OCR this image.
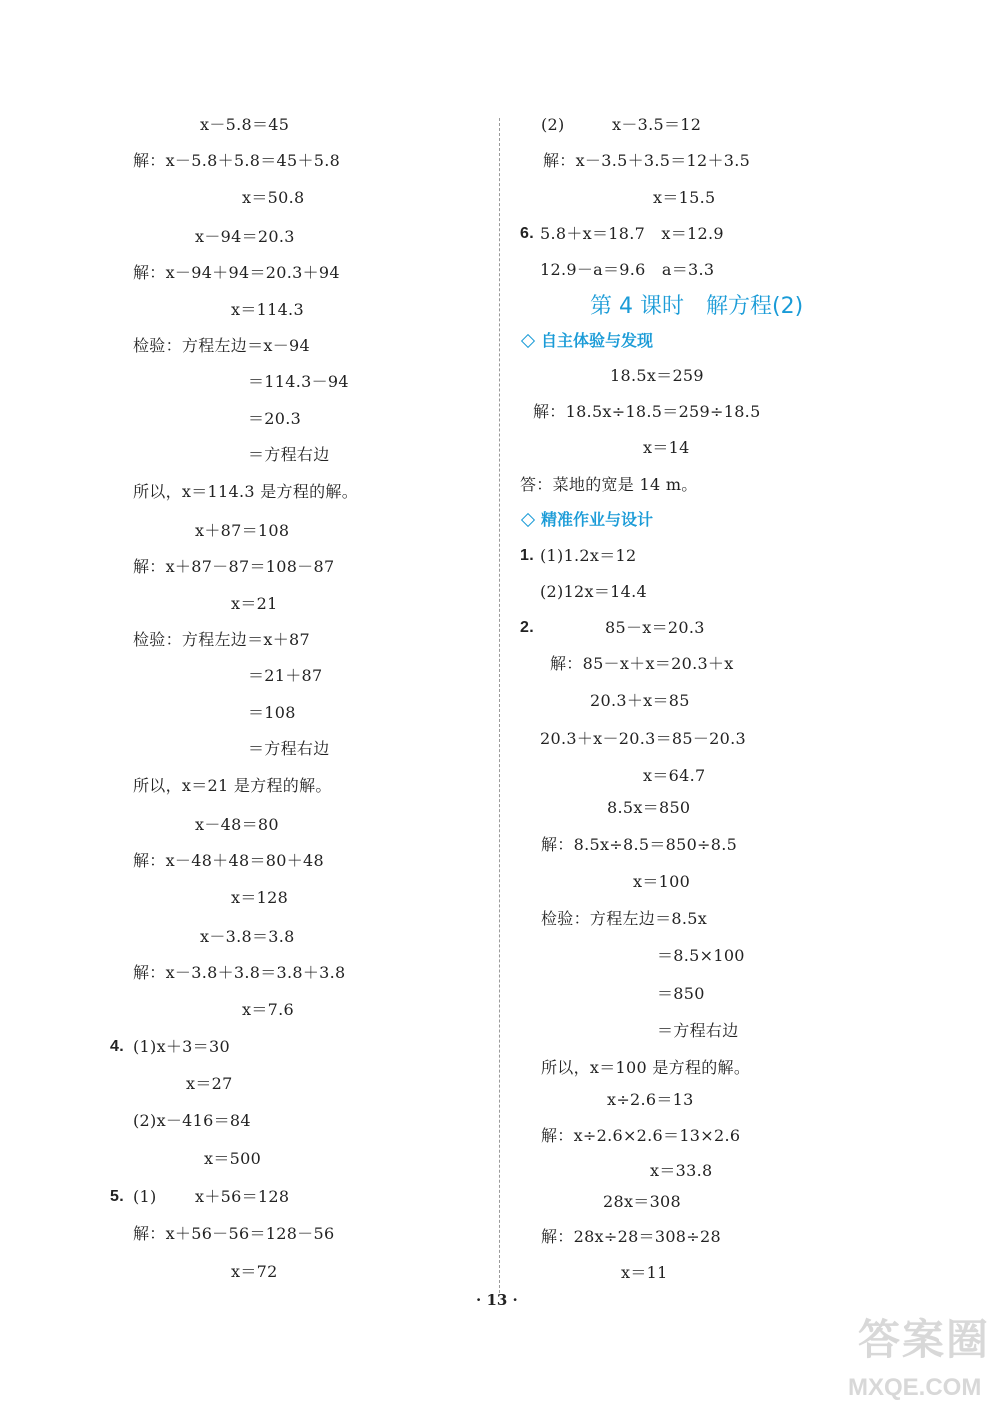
x－5.8＝45
解：x－5.8＋5.8＝45＋5.8
x＝50.8
x－94＝20.3
解：x－94＋94＝20.3＋94
x＝114.3
检验：方程左边＝x－94
＝114.3－94
＝20.3
＝方程右边
所以，x＝114.3 是方程的解。
x＋87＝108
解：x＋87－87＝108－87
x＝21
检验：方程左边＝x＋87
＝21＋87
＝108
＝方程右边
所以，x＝21 是方程的解。
x－48＝80
解：x－48＋48＝80＋48
x＝128
x－3.8＝3.8
解：x－3.8＋3.8＝3.8＋3.8
x＝7.6
4. (1)x＋3＝30
x＝27
(2)x－416＝84
x＝500
5. (1) x＋56＝128
解：x＋56－56＝128－56
x＝72
(2)	x－3.5＝12
解：x－3.5＋3.5＝12＋3.5
x＝15.5
6. 5.8＋x＝18.7　x＝12.9
12.9－a＝9.6　a＝3.3
第 4 课时　解方程(2)
自主体验与发现
18.5x＝259
解：18.5x÷18.5＝259÷18.5
x＝14
答：菜地的宽是 14 m。
精准作业与设计
1. (1)1.2x＝12
(2)12x＝14.4
2.	85－x＝20.3
解：85－x＋x＝20.3＋x
20.3＋x＝85
20.3＋x－20.3＝85－20.3
x＝64.7
8.5x＝850
解：8.5x÷8.5＝850÷8.5
x＝100
检验：方程左边＝8.5x
＝8.5×100
＝850
＝方程右边
所以，x＝100 是方程的解。
x÷2.6＝13
解：x÷2.6×2.6＝13×2.6
x＝33.8
28x＝308
解：28x÷28＝308÷28
x＝11
· 13 ·
答案圈
MXQE.COM
